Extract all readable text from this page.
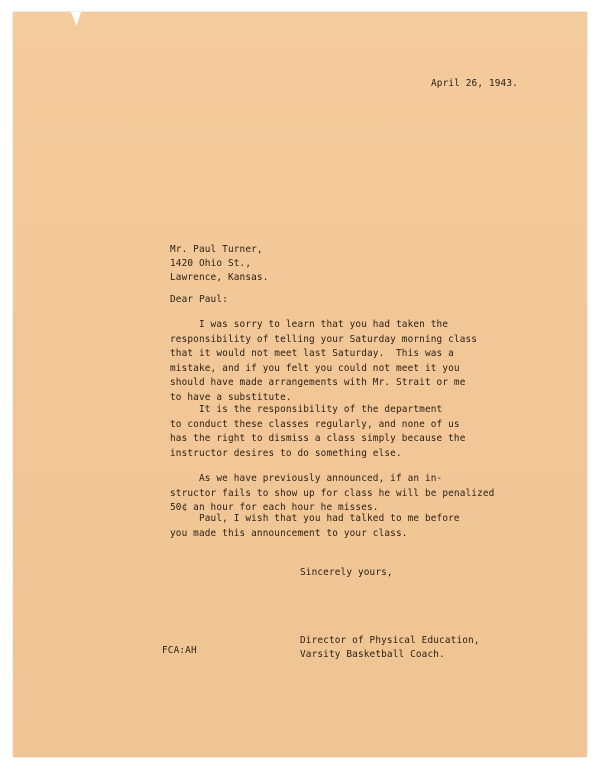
April 26, 1943.
Mr. Paul Turner,
1420 Ohio St.,
Lawrence, Kansas.
Dear Paul:
I was sorry to learn that you had taken the
responsibility of telling your Saturday morning class
that it would not meet last Saturday.  This was a
mistake, and if you felt you could not meet it you
should have made arrangements with Mr. Strait or me
to have a substitute.
It is the responsibility of the department
to conduct these classes regularly, and none of us
has the right to dismiss a class simply because the
instructor desires to do something else.
As we have previously announced, if an in-
structor fails to show up for class he will be penalized
50¢ an hour for each hour he misses.
Paul, I wish that you had talked to me before
you made this announcement to your class.
Sincerely yours,
FCA:AH
Director of Physical Education,
Varsity Basketball Coach.
